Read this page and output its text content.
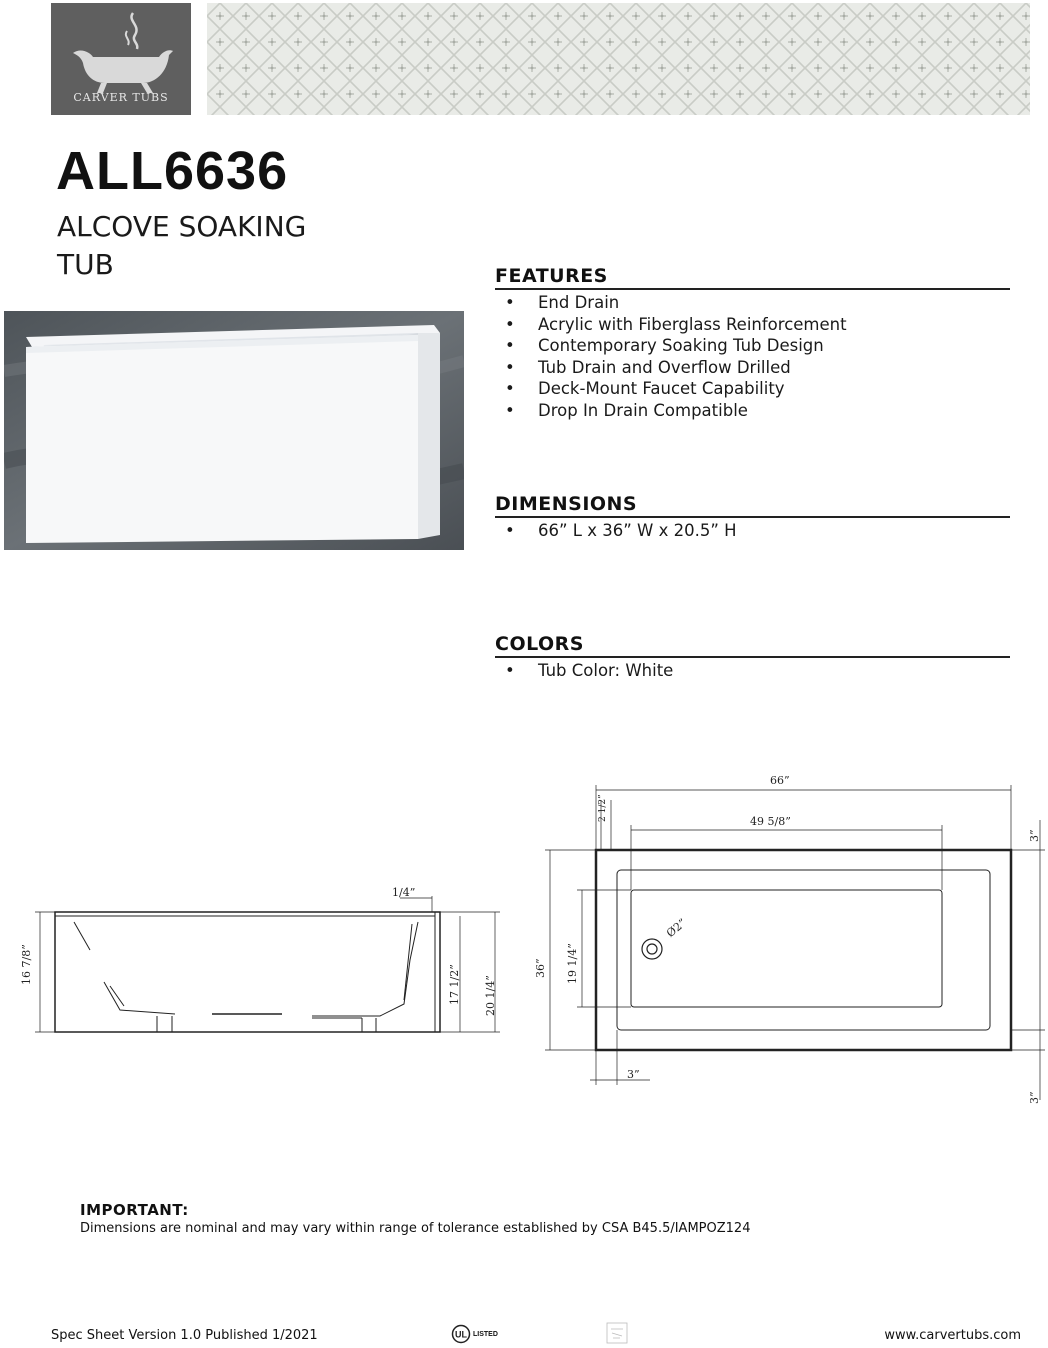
CARVER TUBS
ALL6636
ALCOVE SOAKING
TUB	FEATURES
• End Drain
• Acrylic with Fiberglass Reinforcement
• Contemporary Soaking Tub Design
• Tub Drain and Overflow Drilled
• Deck-Mount Faucet Capability
• Drop In Drain Compatible
DIMENSIONS
• 66” L x 36” W x 20.5” H
COLORS
• Tub Color: White
1/4”
16 7/8”	17 1/2” 20 1/4”
66”
49 5/8”
2 1/2”
3”
36” 19 1/4”
Ø2”
3”
3”
IMPORTANT:
Dimensions are nominal and may vary within range of tolerance established by CSA B45.5/IAMPOZ124
Spec Sheet Version 1.0 Published 1/2021	UL LISTED	www.carvertubs.com
